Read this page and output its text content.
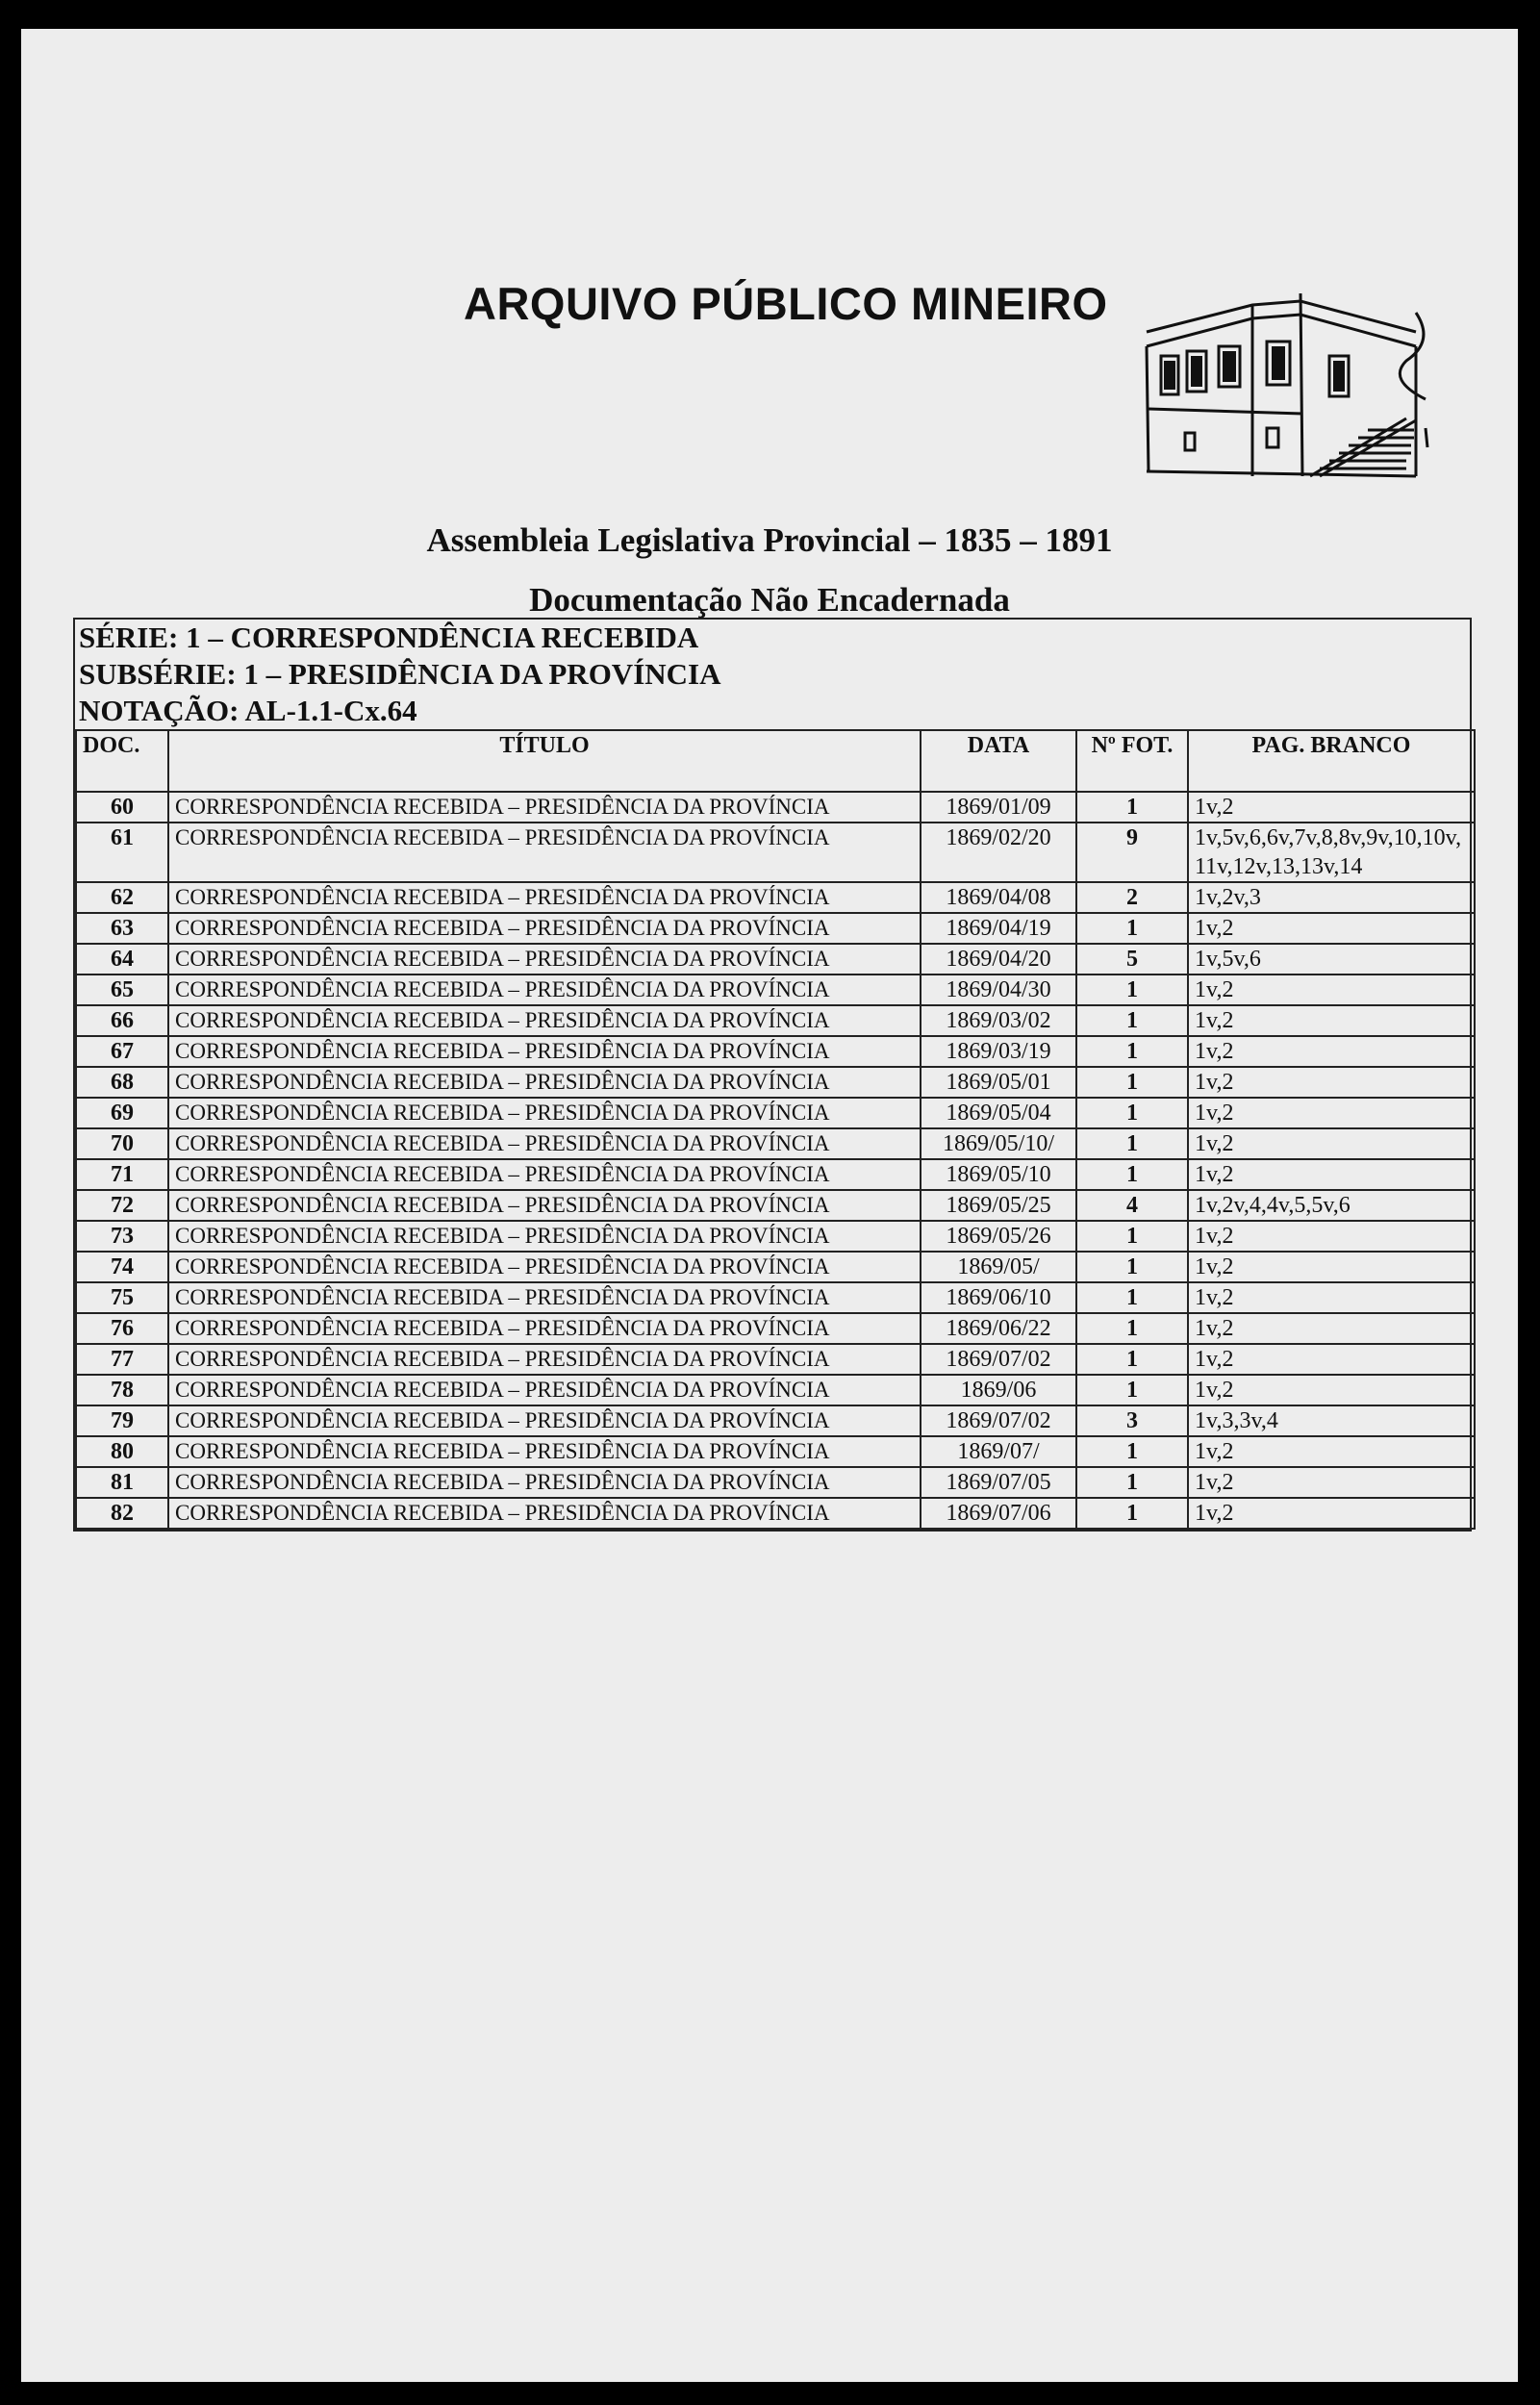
ARQUIVO PÚBLICO MINEIRO
Assembleia Legislativa Provincial – 1835 – 1891
Documentação Não Encadernada
SÉRIE: 1 – CORRESPONDÊNCIA RECEBIDA
SUBSÉRIE: 1 – PRESIDÊNCIA DA PROVÍNCIA
NOTAÇÃO: AL-1.1-Cx.64
DOC.	TÍTULO	DATA	Nº FOT.	PAG. BRANCO
60	CORRESPONDÊNCIA RECEBIDA – PRESIDÊNCIA DA PROVÍNCIA	1869/01/09	1	1v,​2
61	CORRESPONDÊNCIA RECEBIDA – PRESIDÊNCIA DA PROVÍNCIA	1869/02/20	9	1v,​5v,​6,​6v,​7v,​8,​8v,​9v,​10,​10v,​11v,​12v,​13,​13v,​14
62	CORRESPONDÊNCIA RECEBIDA – PRESIDÊNCIA DA PROVÍNCIA	1869/04/08	2	1v,​2v,​3
63	CORRESPONDÊNCIA RECEBIDA – PRESIDÊNCIA DA PROVÍNCIA	1869/04/19	1	1v,​2
64	CORRESPONDÊNCIA RECEBIDA – PRESIDÊNCIA DA PROVÍNCIA	1869/04/20	5	1v,​5v,​6
65	CORRESPONDÊNCIA RECEBIDA – PRESIDÊNCIA DA PROVÍNCIA	1869/04/30	1	1v,​2
66	CORRESPONDÊNCIA RECEBIDA – PRESIDÊNCIA DA PROVÍNCIA	1869/03/02	1	1v,​2
67	CORRESPONDÊNCIA RECEBIDA – PRESIDÊNCIA DA PROVÍNCIA	1869/03/19	1	1v,​2
68	CORRESPONDÊNCIA RECEBIDA – PRESIDÊNCIA DA PROVÍNCIA	1869/05/01	1	1v,​2
69	CORRESPONDÊNCIA RECEBIDA – PRESIDÊNCIA DA PROVÍNCIA	1869/05/04	1	1v,​2
70	CORRESPONDÊNCIA RECEBIDA – PRESIDÊNCIA DA PROVÍNCIA	1869/05/10/	1	1v,​2
71	CORRESPONDÊNCIA RECEBIDA – PRESIDÊNCIA DA PROVÍNCIA	1869/05/10	1	1v,​2
72	CORRESPONDÊNCIA RECEBIDA – PRESIDÊNCIA DA PROVÍNCIA	1869/05/25	4	1v,​2v,​4,​4v,​5,​5v,​6
73	CORRESPONDÊNCIA RECEBIDA – PRESIDÊNCIA DA PROVÍNCIA	1869/05/26	1	1v,​2
74	CORRESPONDÊNCIA RECEBIDA – PRESIDÊNCIA DA PROVÍNCIA	1869/05/	1	1v,​2
75	CORRESPONDÊNCIA RECEBIDA – PRESIDÊNCIA DA PROVÍNCIA	1869/06/10	1	1v,​2
76	CORRESPONDÊNCIA RECEBIDA – PRESIDÊNCIA DA PROVÍNCIA	1869/06/22	1	1v,​2
77	CORRESPONDÊNCIA RECEBIDA – PRESIDÊNCIA DA PROVÍNCIA	1869/07/02	1	1v,​2
78	CORRESPONDÊNCIA RECEBIDA – PRESIDÊNCIA DA PROVÍNCIA	1869/06	1	1v,​2
79	CORRESPONDÊNCIA RECEBIDA – PRESIDÊNCIA DA PROVÍNCIA	1869/07/02	3	1v,​3,​3v,​4
80	CORRESPONDÊNCIA RECEBIDA – PRESIDÊNCIA DA PROVÍNCIA	1869/07/	1	1v,​2
81	CORRESPONDÊNCIA RECEBIDA – PRESIDÊNCIA DA PROVÍNCIA	1869/07/05	1	1v,​2
82	CORRESPONDÊNCIA RECEBIDA – PRESIDÊNCIA DA PROVÍNCIA	1869/07/06	1	1v,​2
